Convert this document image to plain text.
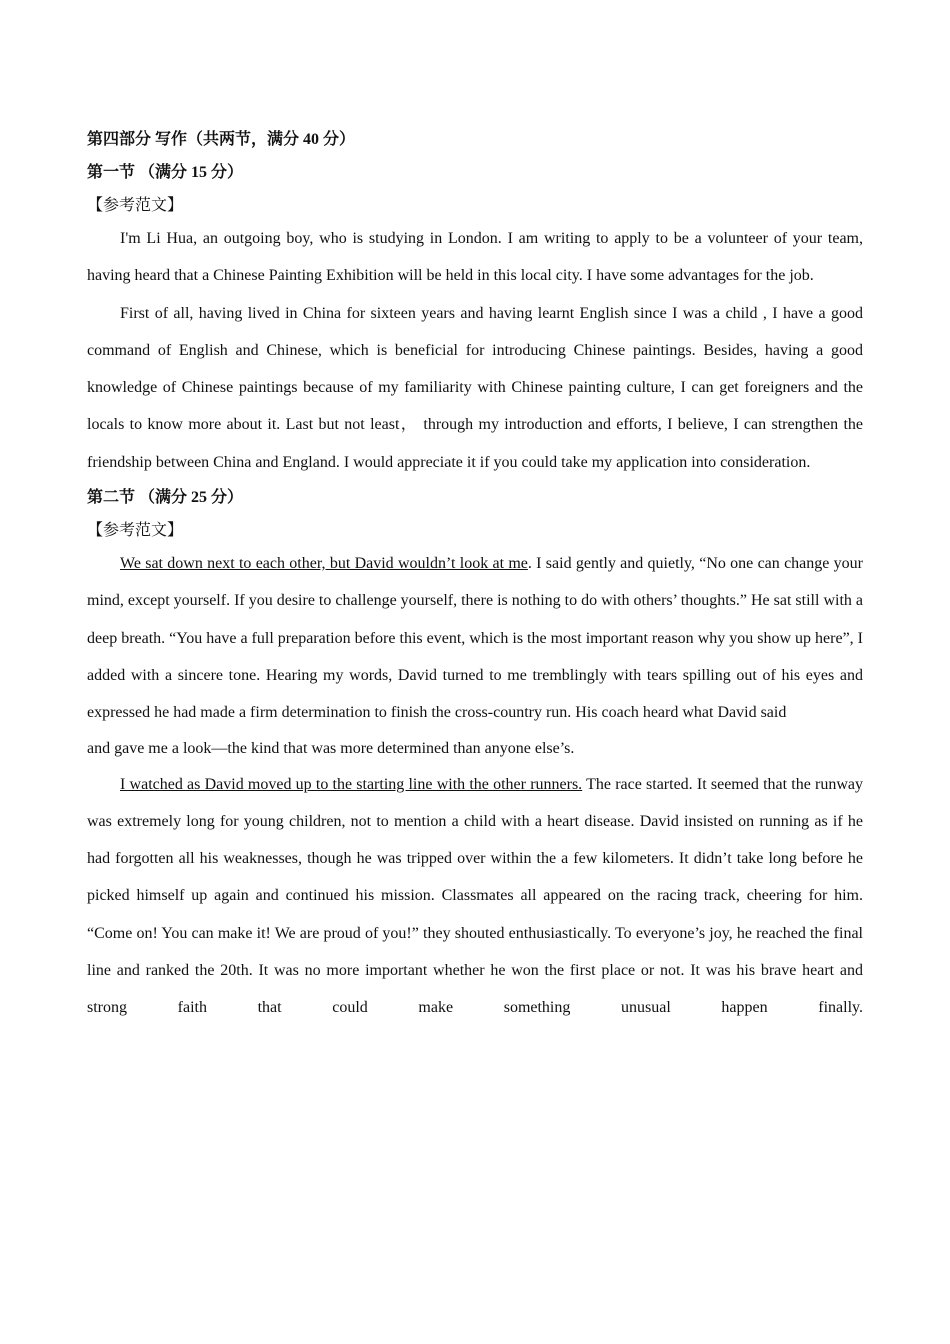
第四部分 写作（共两节，满分 40 分）

第一节 （满分 15 分）

【参考范文】

I'm Li Hua, an outgoing boy, who is studying in London. I am writing to apply to be a volunteer of your team, having heard that a Chinese Painting Exhibition will be held in this local city. I have some advantages for the job.

First of all, having lived in China for sixteen years and having learnt English since I was a child , I have a good command of English and Chinese, which is beneficial for introducing Chinese paintings. Besides, having a good knowledge of Chinese paintings because of my familiarity with Chinese painting culture, I can get foreigners and the locals to know more about it. Last but not least， through my introduction and efforts, I believe, I can strengthen the friendship between China and England. I would appreciate it if you could take my application into consideration.

第二节 （满分 25 分）

【参考范文】

We sat down next to each other, but David wouldn’t look at me. I said gently and quietly, “No one can change your mind, except yourself. If you desire to challenge yourself, there is nothing to do with others’ thoughts.” He sat still with a deep breath. “You have a full preparation before this event, which is the most important reason why you show up here”, I added with a sincere tone. Hearing my words, David turned to me tremblingly with tears spilling out of his eyes and expressed he had made a firm determination to finish the cross-country run. His coach heard what David said

and gave me a look—the kind that was more determined than anyone else’s.

I watched as David moved up to the starting line with the other runners. The race started. It seemed that the runway was extremely long for young children, not to mention a child with a heart disease. David insisted on running as if he had forgotten all his weaknesses, though he was tripped over within the a few kilometers. It didn’t take long before he picked himself up again and continued his mission. Classmates all appeared on the racing track, cheering for him. “Come on! You can make it! We are proud of you!” they shouted enthusiastically. To everyone’s joy, he reached the final line and ranked the 20th. It was no more important whether he won the first place or not. It was his brave heart and strong faith that could make something unusual happen finally.
